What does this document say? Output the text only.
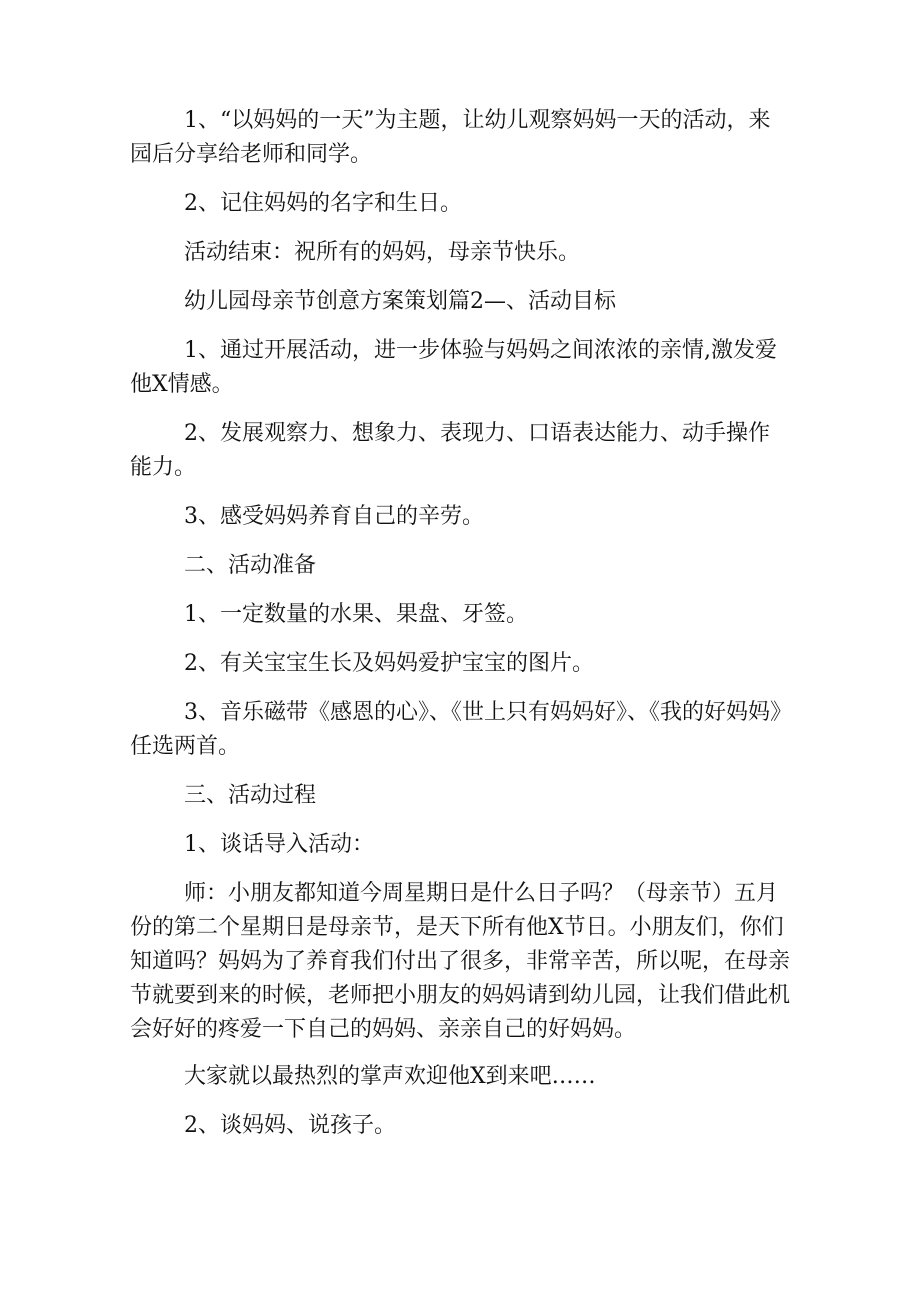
1、“以妈妈的一天”为主题，让幼儿观察妈妈一天的活动，来园后分享给老师和同学。

2、记住妈妈的名字和生日。

活动结束：祝所有的妈妈，母亲节快乐。

幼儿园母亲节创意方案策划篇2—、活动目标

1、通过开展活动，进一步体验与妈妈之间浓浓的亲情,激发爱他X情感。

2、发展观察力、想象力、表现力、口语表达能力、动手操作能力。

3、感受妈妈养育自己的辛劳。

二、活动准备

1、一定数量的水果、果盘、牙签。

2、有关宝宝生长及妈妈爱护宝宝的图片。

3、音乐磁带《感恩的心》、《世上只有妈妈好》、《我的好妈妈》任选两首。

三、活动过程

1、谈话导入活动：

师：小朋友都知道今周星期日是什么日子吗？（母亲节）五月份的第二个星期日是母亲节，是天下所有他X节日。小朋友们，你们知道吗？妈妈为了养育我们付出了很多，非常辛苦，所以呢，在母亲节就要到来的时候，老师把小朋友的妈妈请到幼儿园，让我们借此机会好好的疼爱一下自己的妈妈、亲亲自己的好妈妈。

大家就以最热烈的掌声欢迎他X到来吧……

2、谈妈妈、说孩子。
